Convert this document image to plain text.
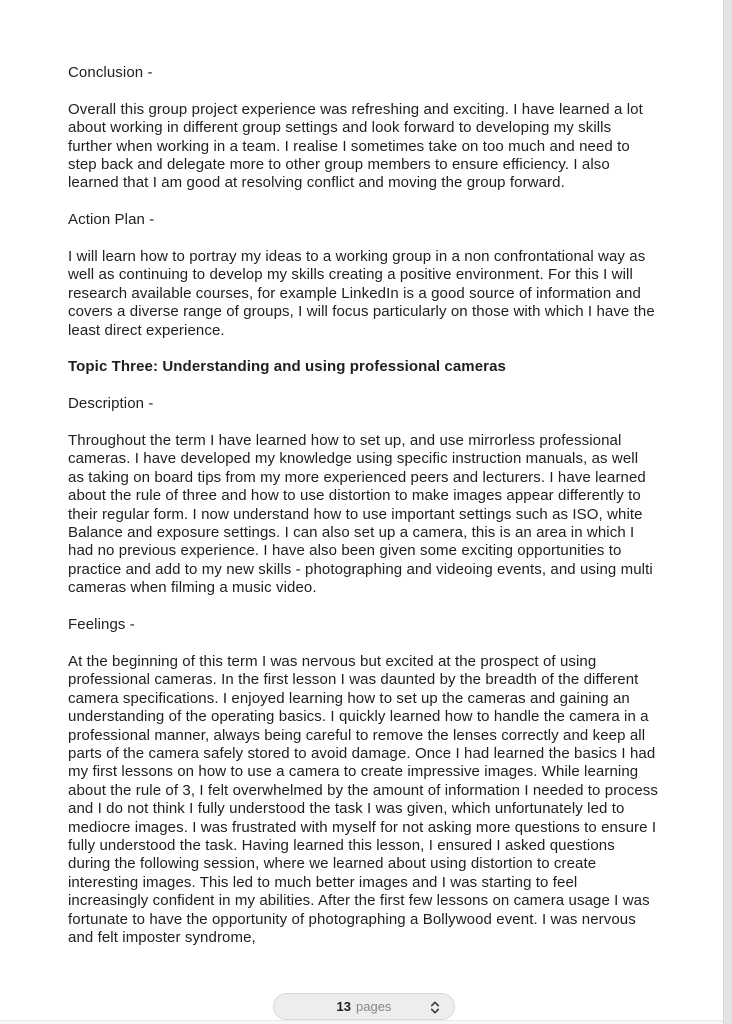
Conclusion -

Overall this group project experience was refreshing and exciting. I have learned a lot about working in different group settings and look forward to developing my skills further when working in a team. I realise I sometimes take on too much and need to step back and delegate more to other group members to ensure efficiency. I also learned that I am good at resolving conflict and moving the group forward.

Action Plan -

I will learn how to portray my ideas to a working group in a non confrontational way as well as continuing to develop my skills creating a positive environment. For this I will research available courses, for example LinkedIn is a good source of information and covers a diverse range of groups, I will focus particularly on those with which I have the least direct experience.

Topic Three: Understanding and using professional cameras

Description -

Throughout the term I have learned how to set up, and use mirrorless professional cameras. I have developed my knowledge using specific instruction manuals, as well as taking on board tips from my more experienced peers and lecturers. I have learned about the rule of three and how to use distortion to make images appear differently to their regular form. I now understand how to use important settings such as ISO, white Balance and exposure settings. I can also set up a camera, this is an area in which I had no previous experience. I have also been given some exciting opportunities to practice and add to my new skills - photographing and videoing events, and using multi cameras when filming a music video.

Feelings -

At the beginning of this term I was nervous but excited at the prospect of using professional cameras. In the first lesson I was daunted by the breadth of the different camera specifications. I enjoyed learning how to set up the cameras and gaining an understanding of the operating basics. I quickly learned how to handle the camera in a professional manner, always being careful to remove the lenses correctly and keep all parts of the camera safely stored to avoid damage. Once I had learned the basics I had my first lessons on how to use a camera to create impressive images. While learning about the rule of 3, I felt overwhelmed by the amount of information I needed to process and I do not think I fully understood the task I was given, which unfortunately led to mediocre images. I was frustrated with myself for not asking more questions to ensure I fully understood the task. Having learned this lesson, I ensured I asked questions during the following session, where we learned about using distortion to create interesting images. This led to much better images and I was starting to feel increasingly confident in my abilities. After the first few lessons on camera usage I was fortunate to have the opportunity of photographing a Bollywood event. I was nervous and felt imposter syndrome,

13 pages
